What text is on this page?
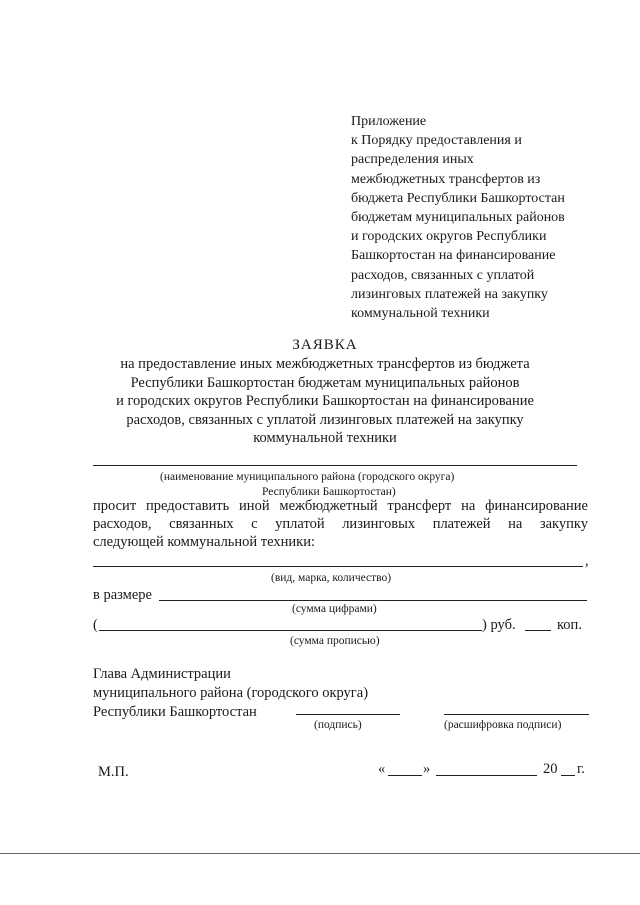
Приложение
к Порядку предоставления и
распределения иных
межбюджетных трансфертов из
бюджета Республики Башкортостан
бюджетам муниципальных районов
и городских округов Республики
Башкортостан на финансирование
расходов, связанных с уплатой
лизинговых платежей на закупку
коммунальной техники
ЗАЯВКА
на предоставление иных межбюджетных трансфертов из бюджета
Республики Башкортостан бюджетам муниципальных районов
и городских округов Республики Башкортостан на финансирование
расходов, связанных с уплатой лизинговых платежей на закупку
коммунальной техники
(наименование муниципального района (городского округа)
Республики Башкортостан)
просит предоставить иной межбюджетный трансферт на финансирование
расходов, связанных с уплатой лизинговых платежей на закупку
следующей коммунальной техники:
,
(вид, марка, количество)
в размере
(сумма цифрами)
(	) руб.	коп.
(сумма прописью)
Глава Администрации
муниципального района (городского округа)
Республики Башкортостан
(подпись)	(расшифровка подписи)
М.П.	«	»	20 г.
